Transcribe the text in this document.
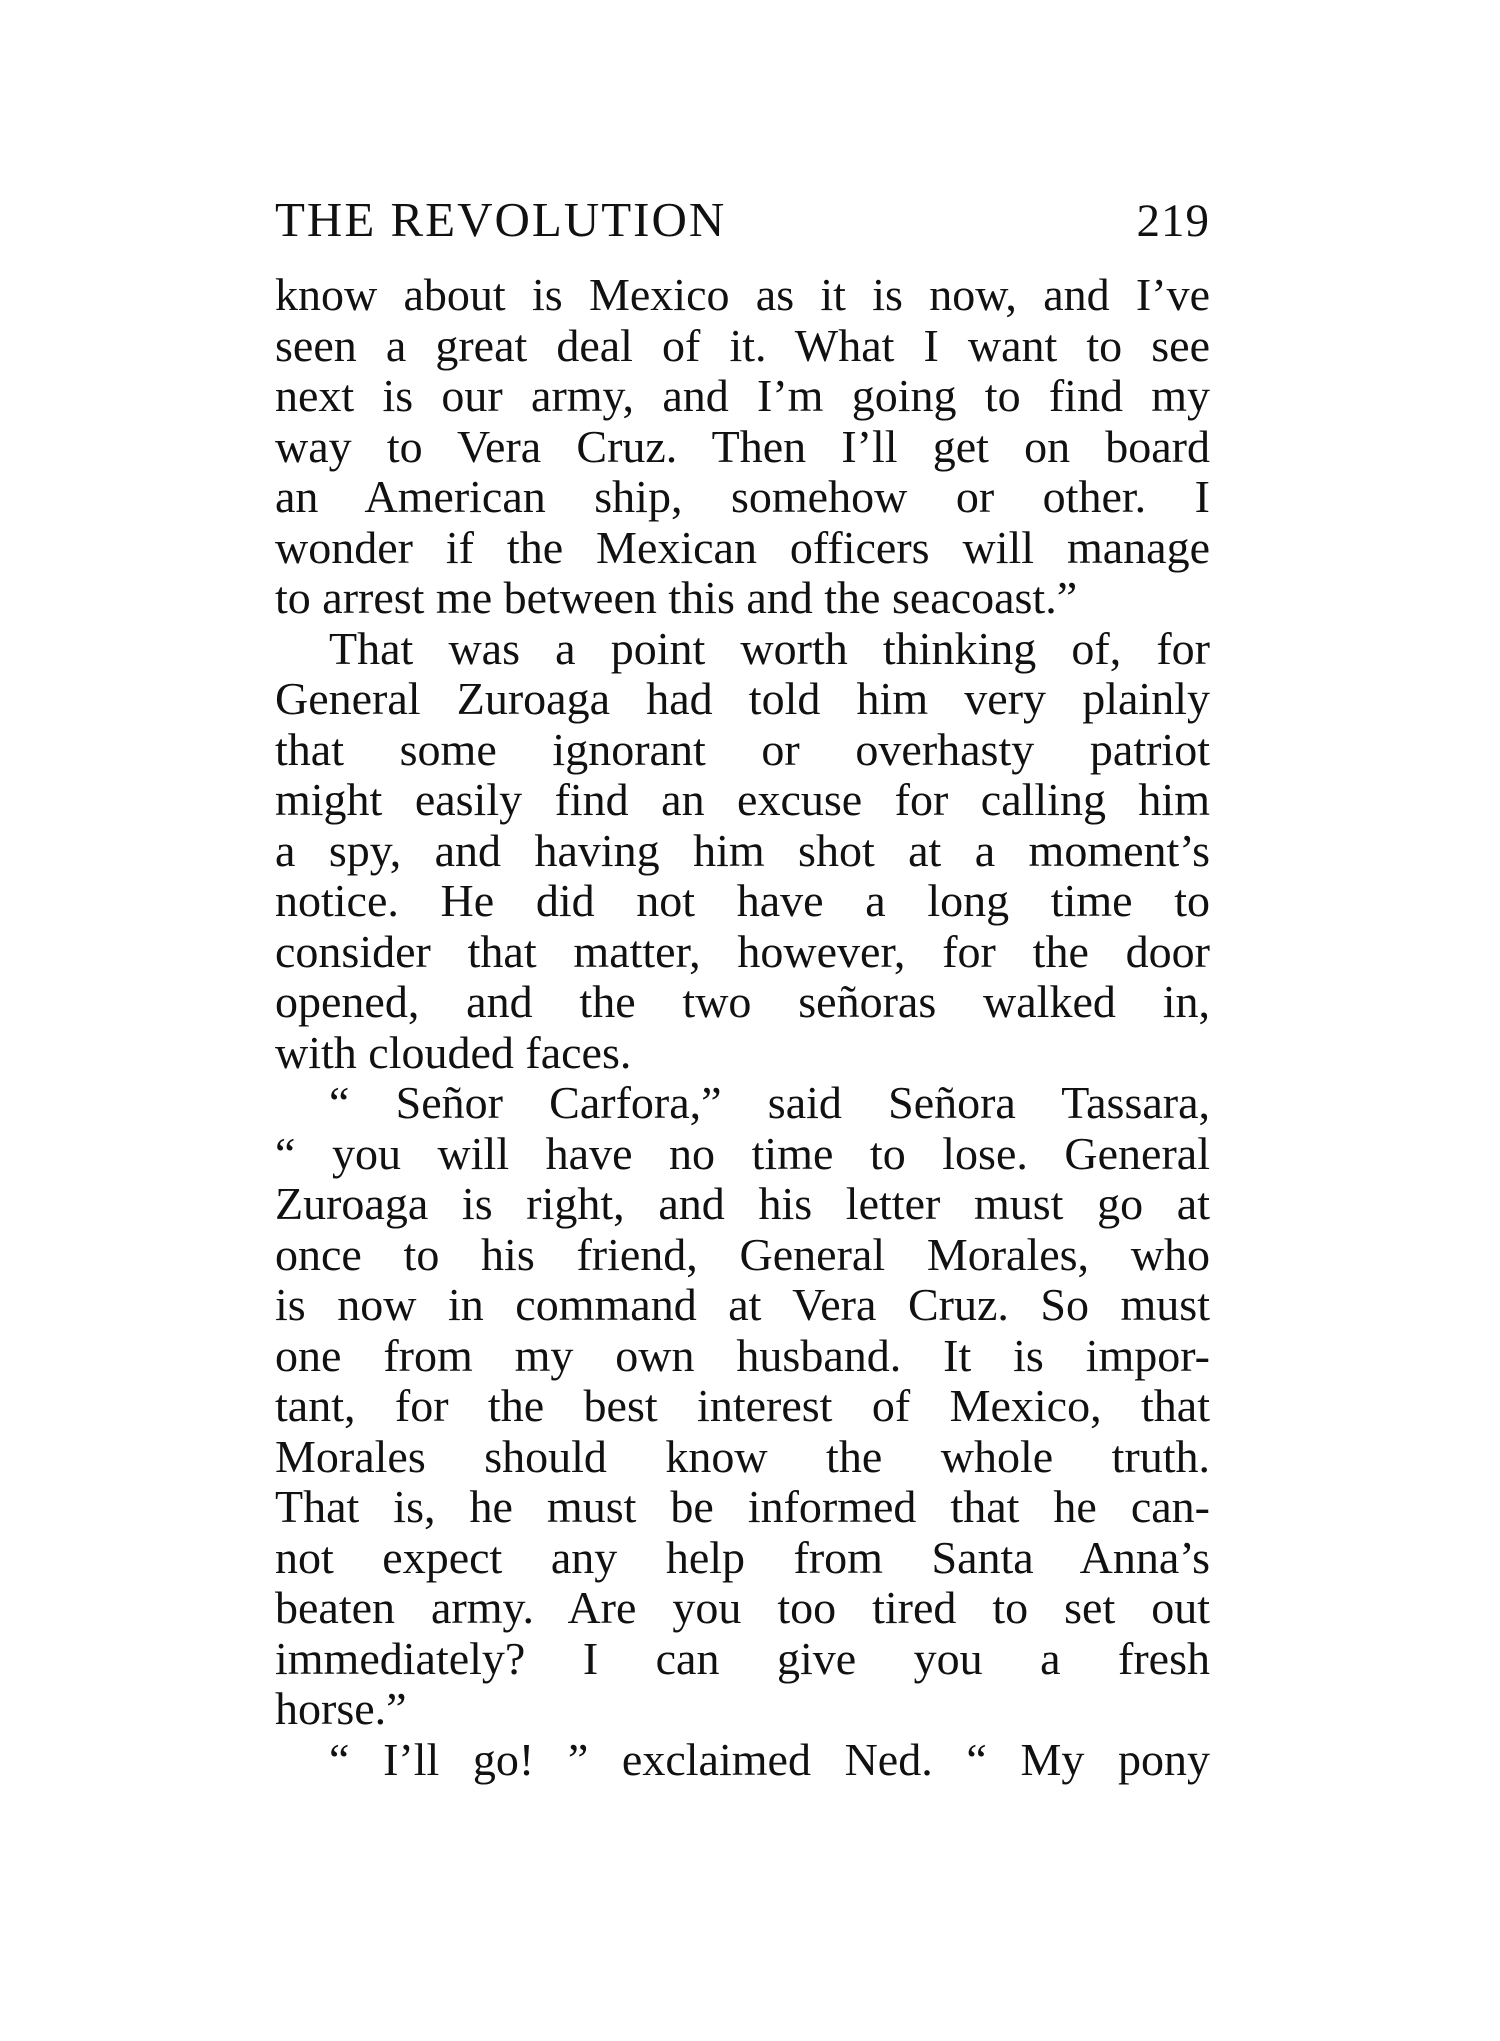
THE REVOLUTION	219
know about is Mexico as it is now, and I’ve
seen a great deal of it. What I want to see
next is our army, and I’m going to find my
way to Vera Cruz. Then I’ll get on board
an American ship, somehow or other. I
wonder if the Mexican officers will manage
to arrest me between this and the seacoast.”
That was a point worth thinking of, for
General Zuroaga had told him very plainly
that some ignorant or overhasty patriot
might easily find an excuse for calling him
a spy, and having him shot at a moment’s
notice. He did not have a long time to
consider that matter, however, for the door
opened, and the two señoras walked in,
with clouded faces.
“ Señor Carfora,” said Señora Tassara,
“ you will have no time to lose. General
Zuroaga is right, and his letter must go at
once to his friend, General Morales, who
is now in command at Vera Cruz. So must
one from my own husband. It is impor-
tant, for the best interest of Mexico, that
Morales should know the whole truth.
That is, he must be informed that he can-
not expect any help from Santa Anna’s
beaten army. Are you too tired to set out
immediately? I can give you a fresh
horse.”
“ I’ll go! ” exclaimed Ned. “ My pony
